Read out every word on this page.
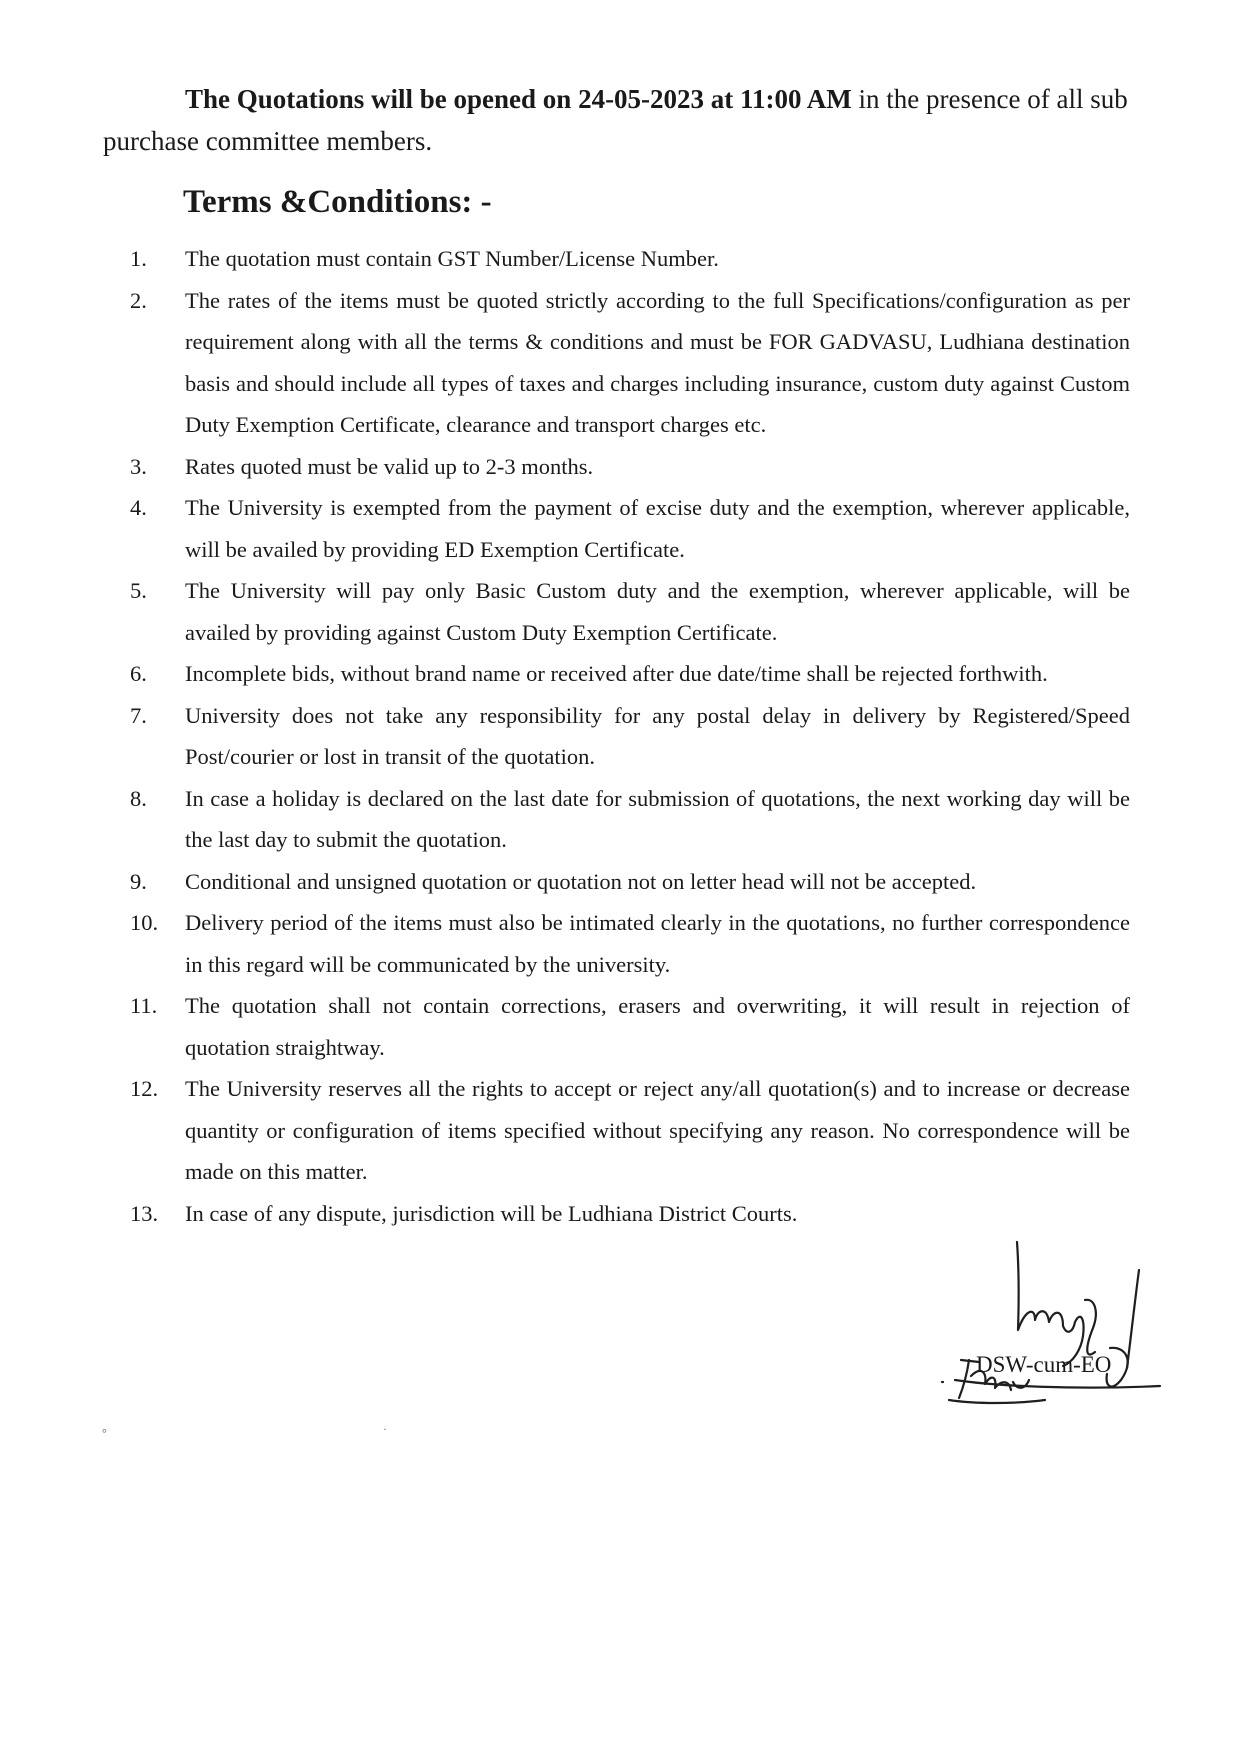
The Quotations will be opened on 24-05-2023 at 11:00 AM in the presence of all sub purchase committee members.

Terms &Conditions: -
1. The quotation must contain GST Number/License Number.
2. The rates of the items must be quoted strictly according to the full Specifications/configuration as per requirement along with all the terms & conditions and must be FOR GADVASU, Ludhiana destination basis and should include all types of taxes and charges including insurance, custom duty against Custom Duty Exemption Certificate, clearance and transport charges etc.
3. Rates quoted must be valid up to 2-3 months.
4. The University is exempted from the payment of excise duty and the exemption, wherever applicable, will be availed by providing ED Exemption Certificate.
5. The University will pay only Basic Custom duty and the exemption, wherever applicable, will be availed by providing against Custom Duty Exemption Certificate.
6. Incomplete bids, without brand name or received after due date/time shall be rejected forthwith.
7. University does not take any responsibility for any postal delay in delivery by Registered/Speed Post/courier or lost in transit of the quotation.
8. In case a holiday is declared on the last date for submission of quotations, the next working day will be the last day to submit the quotation.
9. Conditional and unsigned quotation or quotation not on letter head will not be accepted.
10. Delivery period of the items must also be intimated clearly in the quotations, no further correspondence in this regard will be communicated by the university.
11. The quotation shall not contain corrections, erasers and overwriting, it will result in rejection of quotation straightway.
12. The University reserves all the rights to accept or reject any/all quotation(s) and to increase or decrease quantity or configuration of items specified without specifying any reason. No correspondence will be made on this matter.
13. In case of any dispute, jurisdiction will be Ludhiana District Courts.
DSW-cum-EO
°	·
